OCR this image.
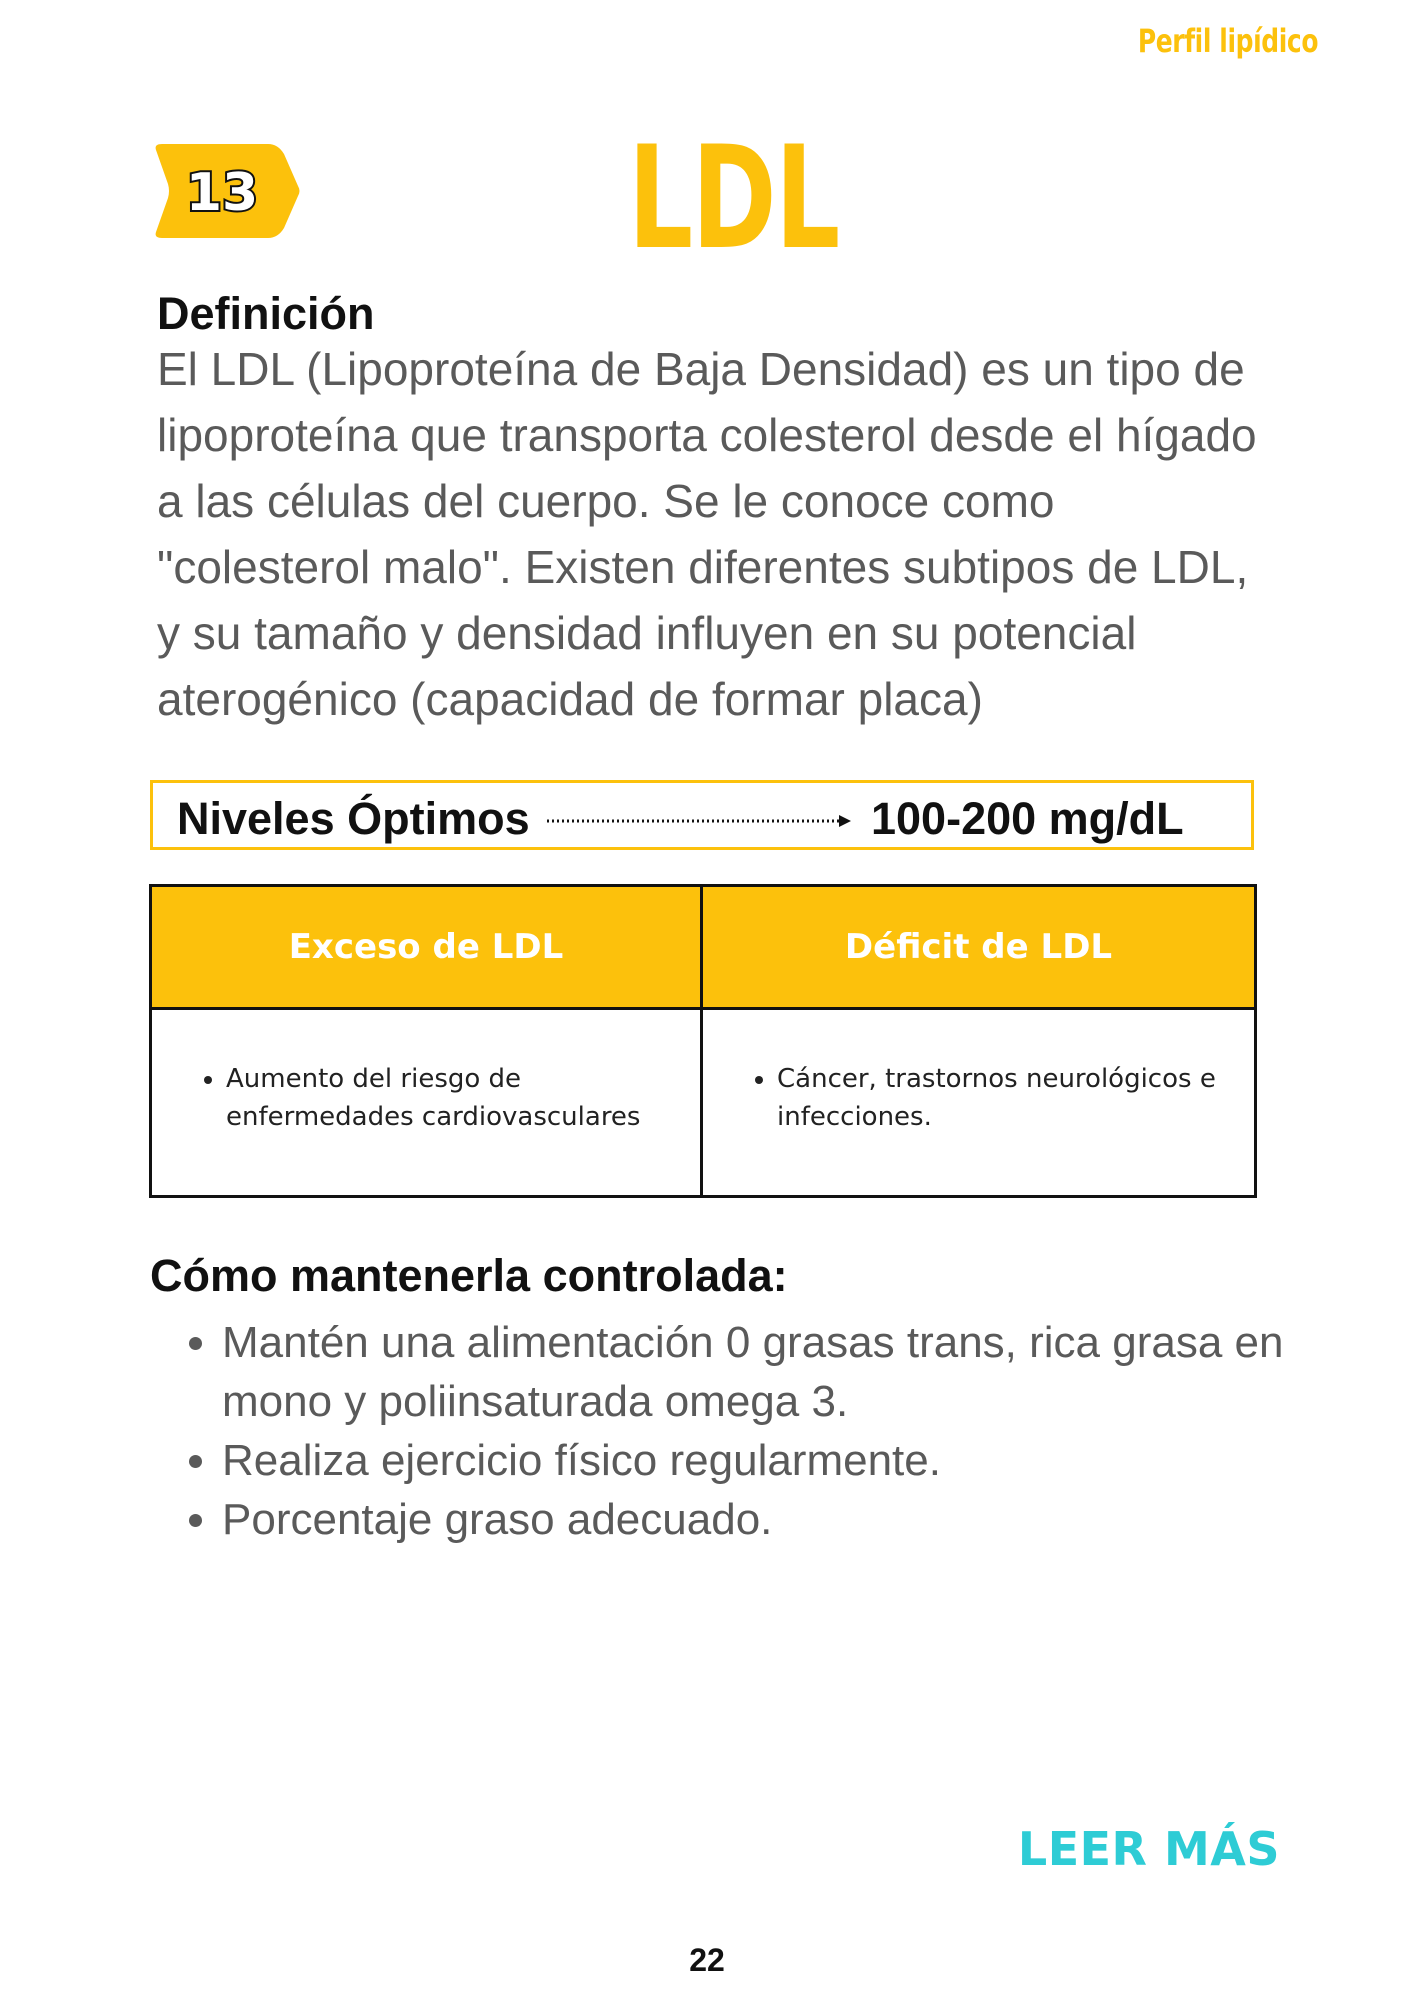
Perfil lipídico
13	LDL
Definición
El LDL (Lipoproteína de Baja Densidad) es un tipo de lipoproteína que transporta colesterol desde el hígado a las células del cuerpo. Se le conoce como "colesterol malo". Existen diferentes subtipos de LDL, y su tamaño y densidad influyen en su potencial aterogénico (capacidad de formar placa)
Niveles Óptimos	100-200 mg/dL
Exceso de LDL	Déficit de LDL
• Aumento del riesgo de enfermedades cardiovasculares
• Cáncer, trastornos neurológicos e infecciones.
Cómo mantenerla controlada:
• Mantén una alimentación 0 grasas trans, rica grasa en mono y poliinsaturada omega 3.
• Realiza ejercicio físico regularmente.
• Porcentaje graso adecuado.
LEER MÁS
22
